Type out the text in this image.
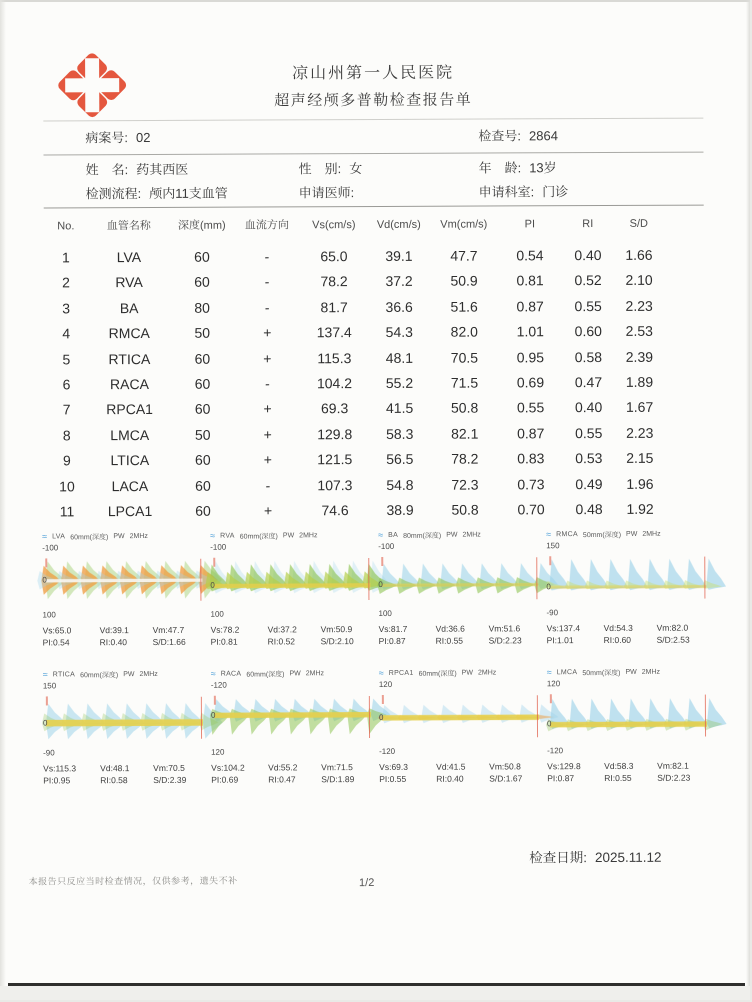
凉山州第一人民医院
超声经颅多普勒检查报告单
病案号: 02	检查号: 2864
姓　名: 药其西医	性　别: 女	年　龄: 13岁
检测流程: 颅内11支血管	申请医师:	申请科室: 门诊
No.	血管名称	深度(mm)	血流方向	Vs(cm/s)	Vd(cm/s)	Vm(cm/s)	PI	RI	S/D
1	LVA	60	-	65.0	39.1	47.7	0.54	0.40	1.66
2	RVA	60	-	78.2	37.2	50.9	0.81	0.52	2.10
3	BA	80	-	81.7	36.6	51.6	0.87	0.55	2.23
4	RMCA	50	+	137.4	54.3	82.0	1.01	0.60	2.53
5	RTICA	60	+	115.3	48.1	70.5	0.95	0.58	2.39
6	RACA	60	-	104.2	55.2	71.5	0.69	0.47	1.89
7	RPCA1	60	+	69.3	41.5	50.8	0.55	0.40	1.67
8	LMCA	50	+	129.8	58.3	82.1	0.87	0.55	2.23
9	LTICA	60	+	121.5	56.5	78.2	0.83	0.53	2.15
10	LACA	60	-	107.3	54.8	72.3	0.73	0.49	1.96
11	LPCA1	60	+	74.6	38.9	50.8	0.70	0.48	1.92
≈ LVA 60mm(深度) PW 2MHz
-100
0
100
Vs:65.0	Vd:39.1	Vm:47.7
PI:0.54	RI:0.40	S/D:1.66
≈ RVA 60mm(深度) PW 2MHz
-100
0
100
Vs:78.2	Vd:37.2	Vm:50.9
PI:0.81	RI:0.52	S/D:2.10
≈ BA 80mm(深度) PW 2MHz
-100
0
100
Vs:81.7	Vd:36.6	Vm:51.6
PI:0.87	RI:0.55	S/D:2.23
≈ RMCA 50mm(深度) PW 2MHz
150
0
-90
Vs:137.4	Vd:54.3	Vm:82.0
PI:1.01	RI:0.60	S/D:2.53
≈ RTICA 60mm(深度) PW 2MHz
150
0
-90
Vs:115.3	Vd:48.1	Vm:70.5
PI:0.95	RI:0.58	S/D:2.39
≈ RACA 60mm(深度) PW 2MHz
-120
0
120
Vs:104.2	Vd:55.2	Vm:71.5
PI:0.69	RI:0.47	S/D:1.89
≈ RPCA1 60mm(深度) PW 2MHz
120
0
-120
Vs:69.3	Vd:41.5	Vm:50.8
PI:0.55	RI:0.40	S/D:1.67
≈ LMCA 50mm(深度) PW 2MHz
120
0
-120
Vs:129.8	Vd:58.3	Vm:82.1
PI:0.87	RI:0.55	S/D:2.23
检查日期: 2025.11.12
本报告只反应当时检查情况，仅供参考，遗失不补	1/2
